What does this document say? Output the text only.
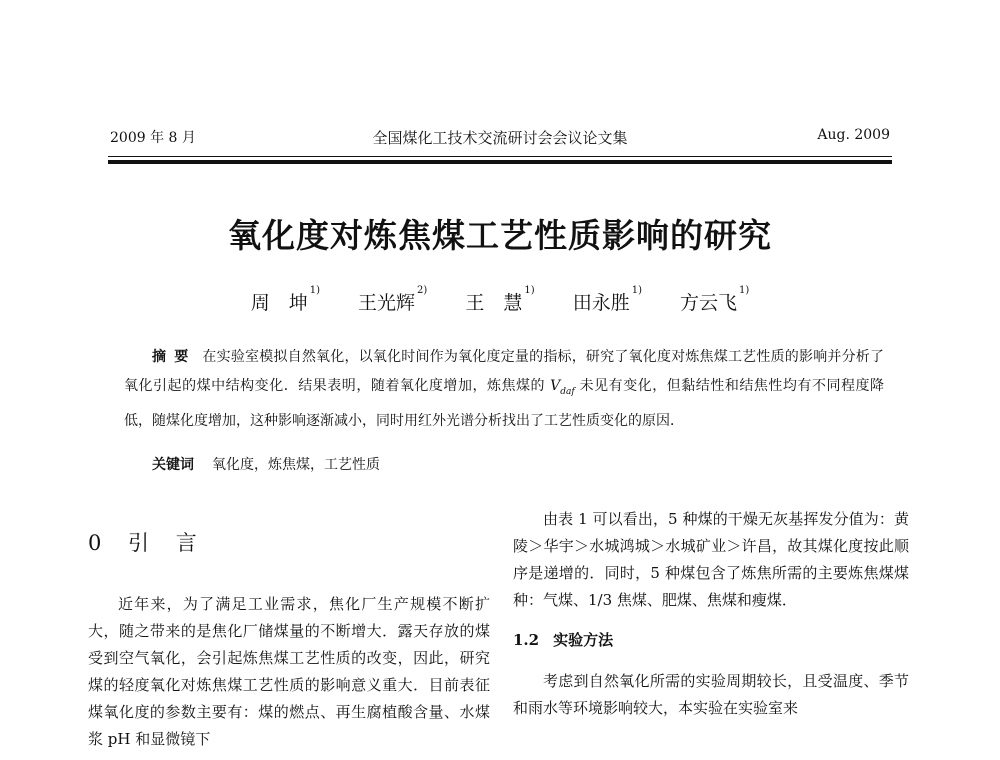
2009 年 8 月	全国煤化工技术交流研讨会会议论文集	Aug. 2009
氧化度对炼焦煤工艺性质影响的研究
周　坤$^{1)}$ 王光辉$^{2)}$ 王　慧$^{1)}$ 田永胜$^{1)}$ 方云飞$^{1)}$
摘要 在实验室模拟自然氧化，以氧化时间作为氧化度定量的指标，研究了氧化度对炼焦煤工艺性质的影响并分析了氧化引起的煤中结构变化．结果表明，随着氧化度增加，炼焦煤的 $V_{daf}$ 未见有变化，但黏结性和结焦性均有不同程度降低，随煤化度增加，这种影响逐渐减小，同时用红外光谱分析找出了工艺性质变化的原因．
关键词 氧化度，炼焦煤，工艺性质
0 引 言

近年来，为了满足工业需求，焦化厂生产规模不断扩大，随之带来的是焦化厂储煤量的不断增大．露天存放的煤受到空气氧化，会引起炼焦煤工艺性质的改变，因此，研究煤的轻度氧化对炼焦煤工艺性质的影响意义重大．目前表征煤氧化度的参数主要有：煤的燃点、再生腐植酸含量、水煤浆 pH 和显微镜下

由表 1 可以看出，5 种煤的干燥无灰基挥发分值为：黄陵＞华宇＞水城鸿城＞水城矿业＞许昌，故其煤化度按此顺序是递增的．同时，5 种煤包含了炼焦所需的主要炼焦煤煤种：气煤、1/3 焦煤、肥煤、焦煤和瘦煤．

1.2 实验方法

考虑到自然氧化所需的实验周期较长，且受温度、季节和雨水等环境影响较大，本实验在实验室来
